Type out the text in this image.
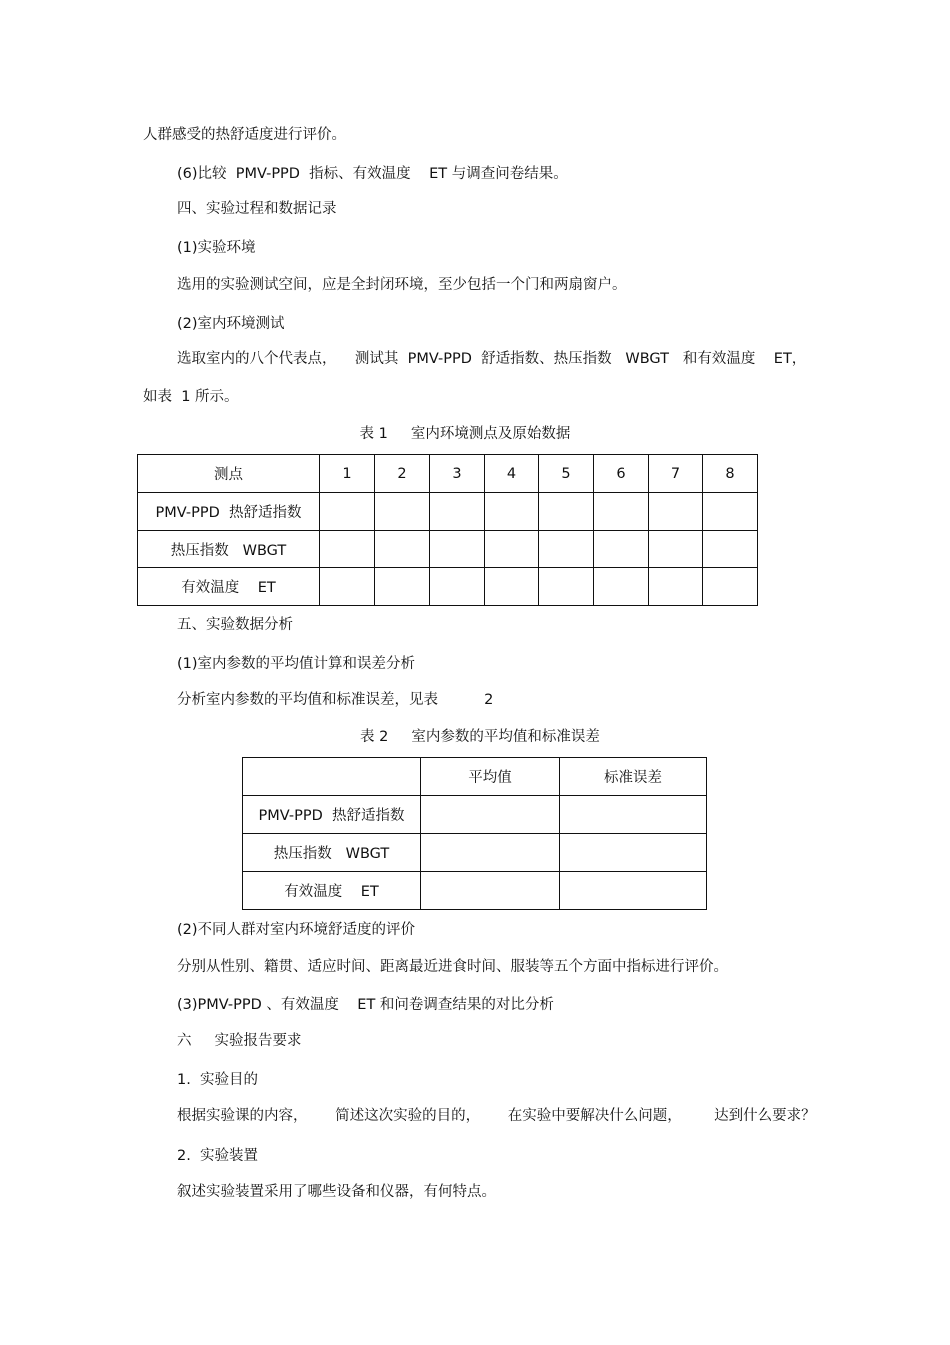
人群感受的热舒适度进行评价。
(6)比较  PMV-PPD  指标、有效温度    ET 与调查问卷结果。
四、实验过程和数据记录
(1)实验环境
选用的实验测试空间，应是全封闭环境，至少包括一个门和两扇窗户。
(2)室内环境测试
选取室内的八个代表点，    测试其  PMV-PPD  舒适指数、热压指数   WBGT   和有效温度    ET，
如表  1 所示。
表 1     室内环境测点及原始数据
测点	1	2	3	4	5	6	7	8
PMV-PPD  热舒适指数								
热压指数   WBGT								
有效温度    ET								
五、实验数据分析
(1)室内参数的平均值计算和误差分析
分析室内参数的平均值和标准误差，见表          2
表 2     室内参数的平均值和标准误差
	平均值	标准误差
PMV-PPD  热舒适指数		
热压指数   WBGT		
有效温度    ET		
(2)不同人群对室内环境舒适度的评价
分别从性别、籍贯、适应时间、距离最近进食时间、服装等五个方面中指标进行评价。
(3)PMV-PPD 、有效温度    ET 和问卷调查结果的对比分析
六     实验报告要求
1.  实验目的
根据实验课的内容，      简述这次实验的目的，      在实验中要解决什么问题，       达到什么要求？
2.  实验装置
叙述实验装置采用了哪些设备和仪器，有何特点。
